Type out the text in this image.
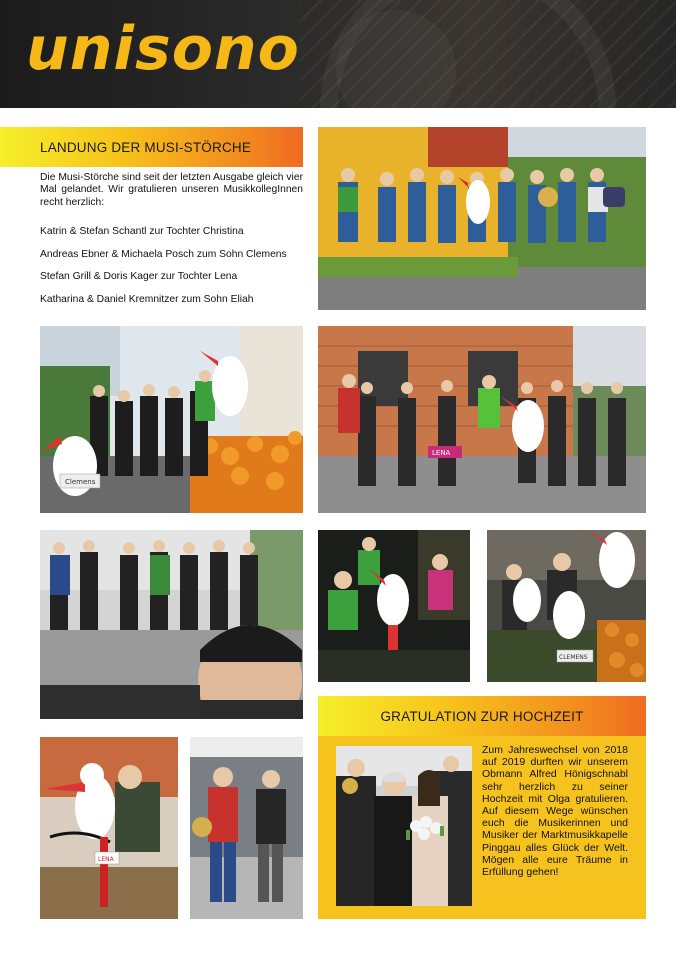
unisono
LANDUNG DER MUSI-STÖRCHE
Die Musi-Störche sind seit der letzten Ausgabe gleich vier Mal gelandet. Wir gratulieren unseren MusikkollegInnen recht herzlich:
Katrin & Stefan Schantl zur Tochter Christina
Andreas Ebner & Michaela Posch zum Sohn Clemens
Stefan Grill & Doris Kager zur Tochter Lena
Katharina & Daniel Kremnitzer zum Sohn Eliah
Clemens
LENA
CLEMENS
GRATULATION ZUR HOCHZEIT
LENA
Zum Jahreswechsel von 2018 auf 2019 durften wir unserem Obmann Alfred Hönigschnabl sehr herzlich zu seiner Hochzeit mit Olga gratulieren. Auf diesem Wege wünschen euch die Musikerinnen und Musiker der Marktmusikkapelle Pinggau alles Glück der Welt. Mögen alle eure Träume in Erfüllung gehen!
